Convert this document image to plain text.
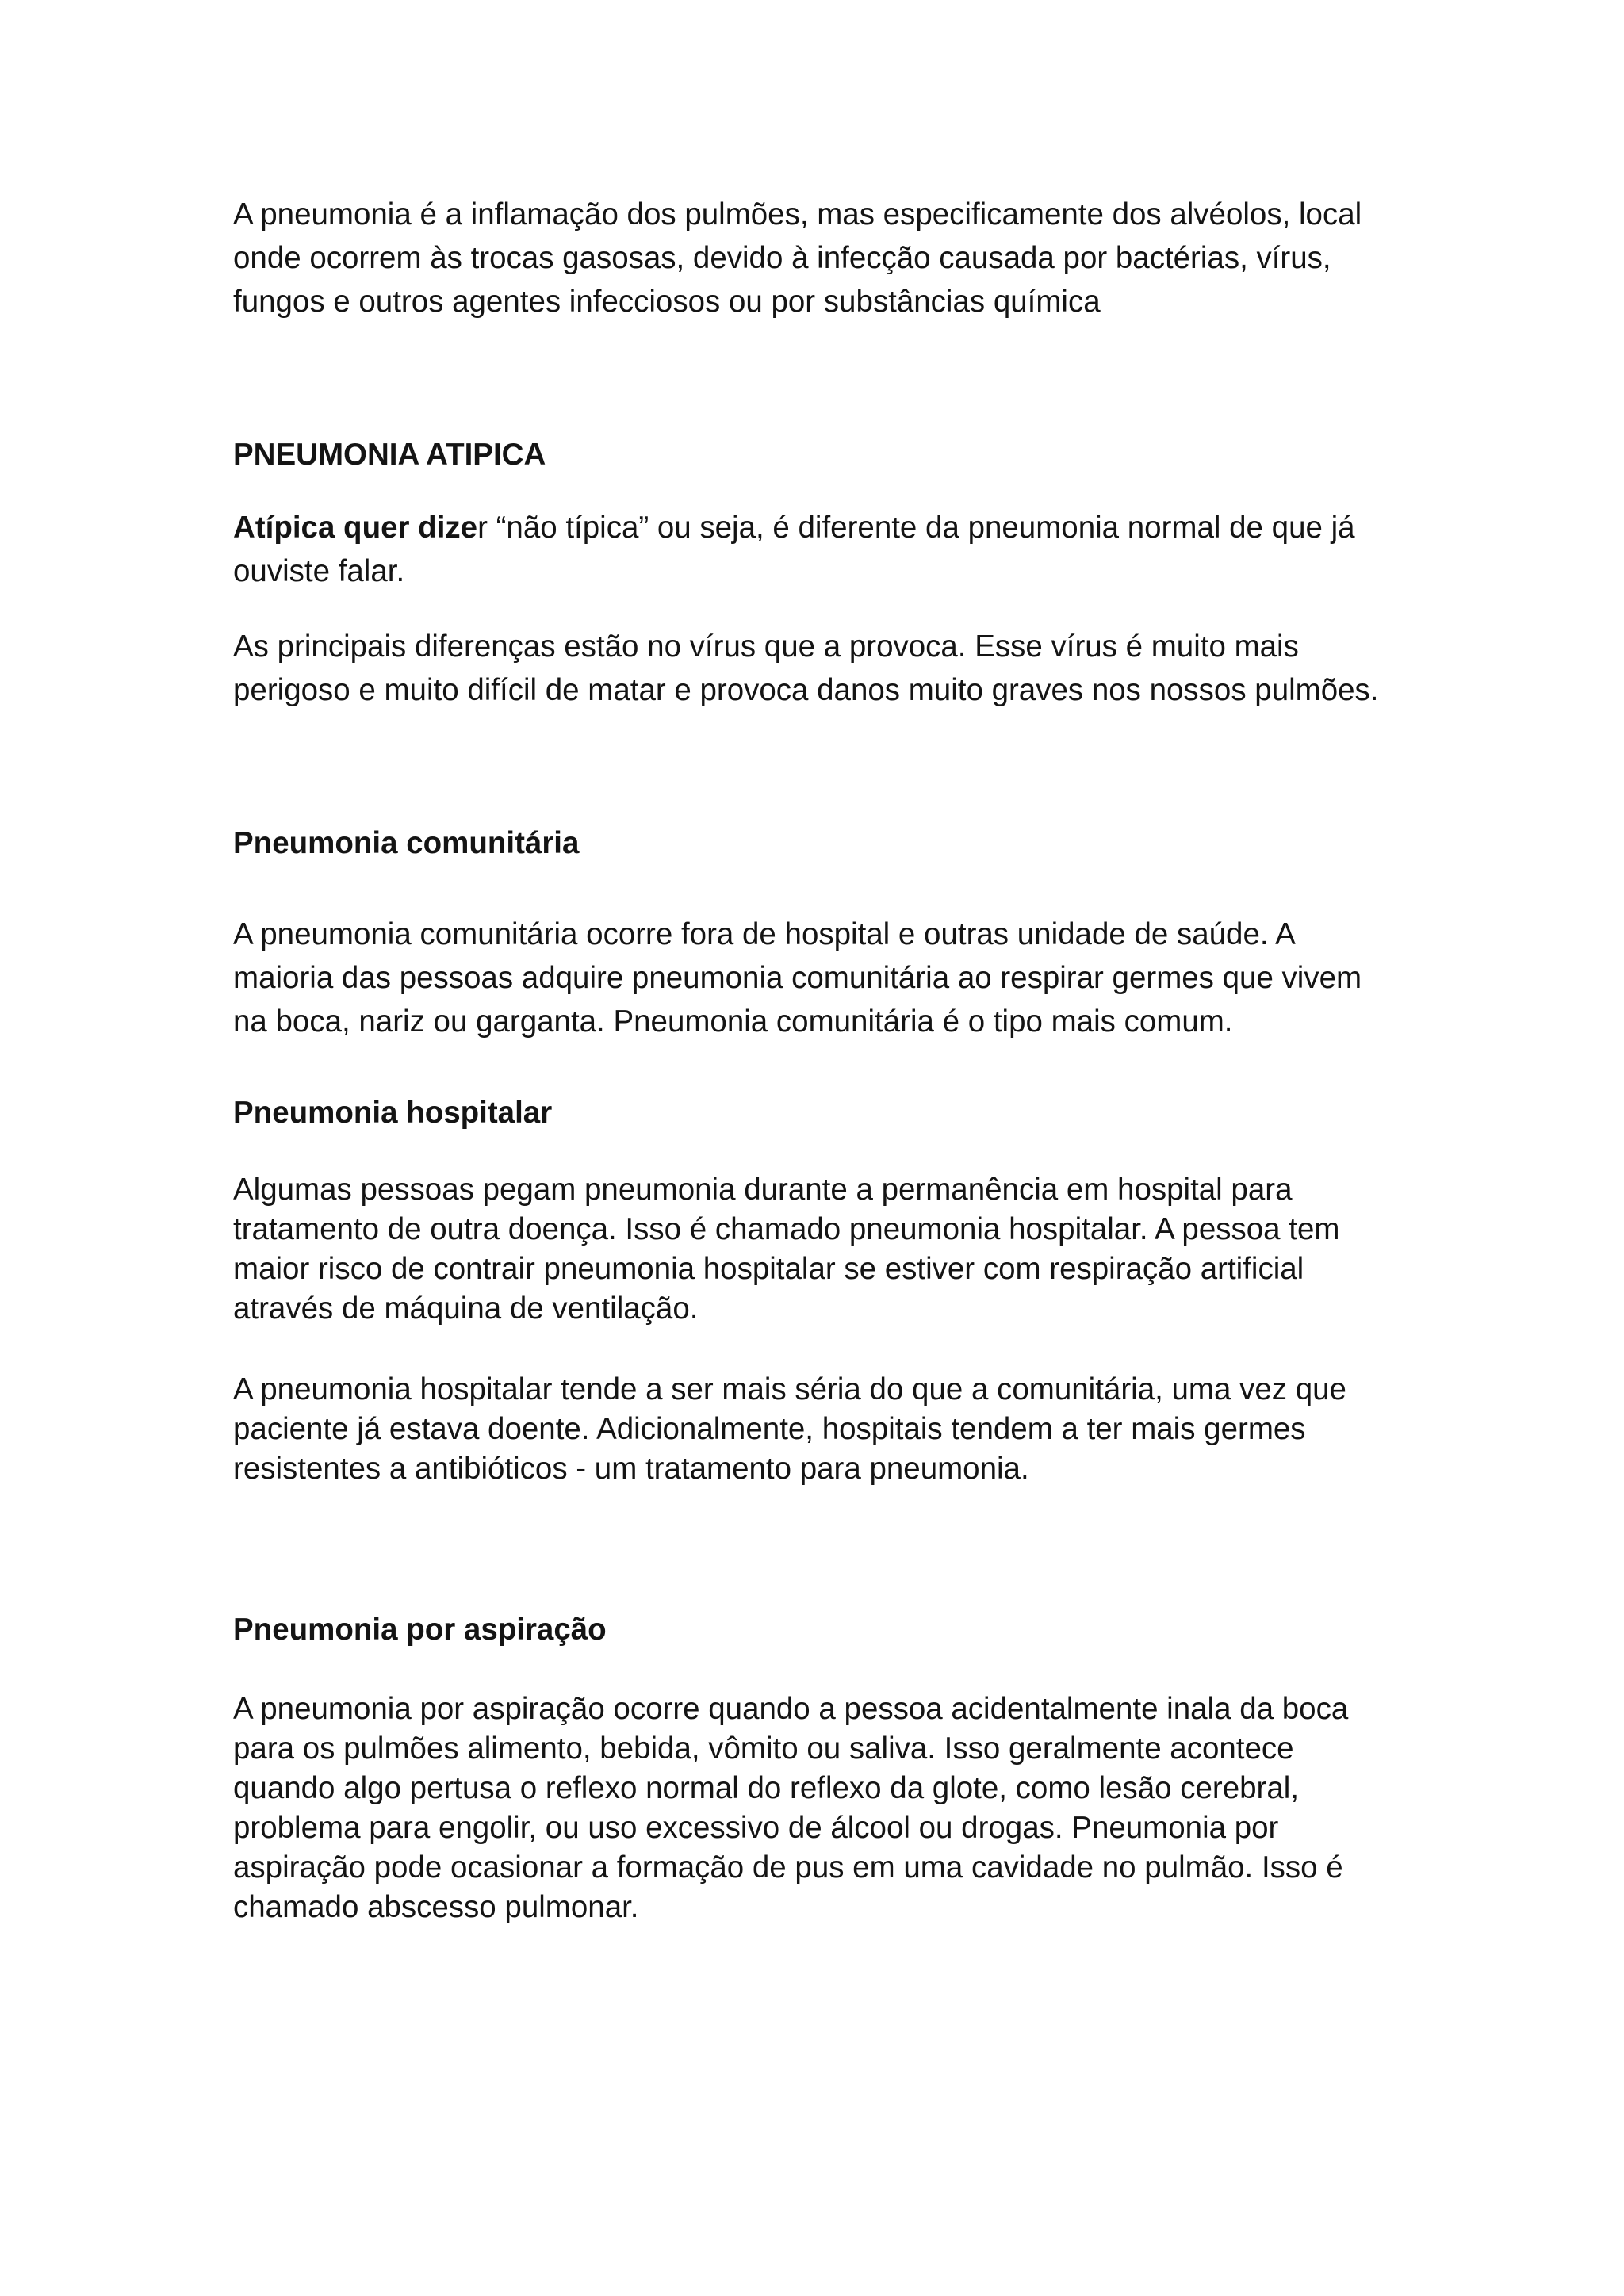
A pneumonia é a inflamação dos pulmões, mas especificamente dos alvéolos, local onde ocorrem às trocas gasosas, devido à infecção causada por bactérias, vírus, fungos e outros agentes infecciosos ou por substâncias química

PNEUMONIA ATIPICA

Atípica quer dizer “não típica” ou seja, é diferente da pneumonia normal de que já ouviste falar.

As principais diferenças estão no vírus que a provoca. Esse vírus é muito mais perigoso e muito difícil de matar e provoca danos muito graves nos nossos pulmões.

Pneumonia comunitária

A pneumonia comunitária ocorre fora de hospital e outras unidade de saúde. A maioria das pessoas adquire pneumonia comunitária ao respirar germes que vivem na boca, nariz ou garganta. Pneumonia comunitária é o tipo mais comum.

Pneumonia hospitalar

Algumas pessoas pegam pneumonia durante a permanência em hospital para tratamento de outra doença. Isso é chamado pneumonia hospitalar. A pessoa tem maior risco de contrair pneumonia hospitalar se estiver com respiração artificial através de máquina de ventilação.

A pneumonia hospitalar tende a ser mais séria do que a comunitária, uma vez que paciente já estava doente. Adicionalmente, hospitais tendem a ter mais germes resistentes a antibióticos - um tratamento para pneumonia.

Pneumonia por aspiração

A pneumonia por aspiração ocorre quando a pessoa acidentalmente inala da boca para os pulmões alimento, bebida, vômito ou saliva. Isso geralmente acontece quando algo pertusa o reflexo normal do reflexo da glote, como lesão cerebral, problema para engolir, ou uso excessivo de álcool ou drogas. Pneumonia por aspiração pode ocasionar a formação de pus em uma cavidade no pulmão. Isso é chamado abscesso pulmonar.
